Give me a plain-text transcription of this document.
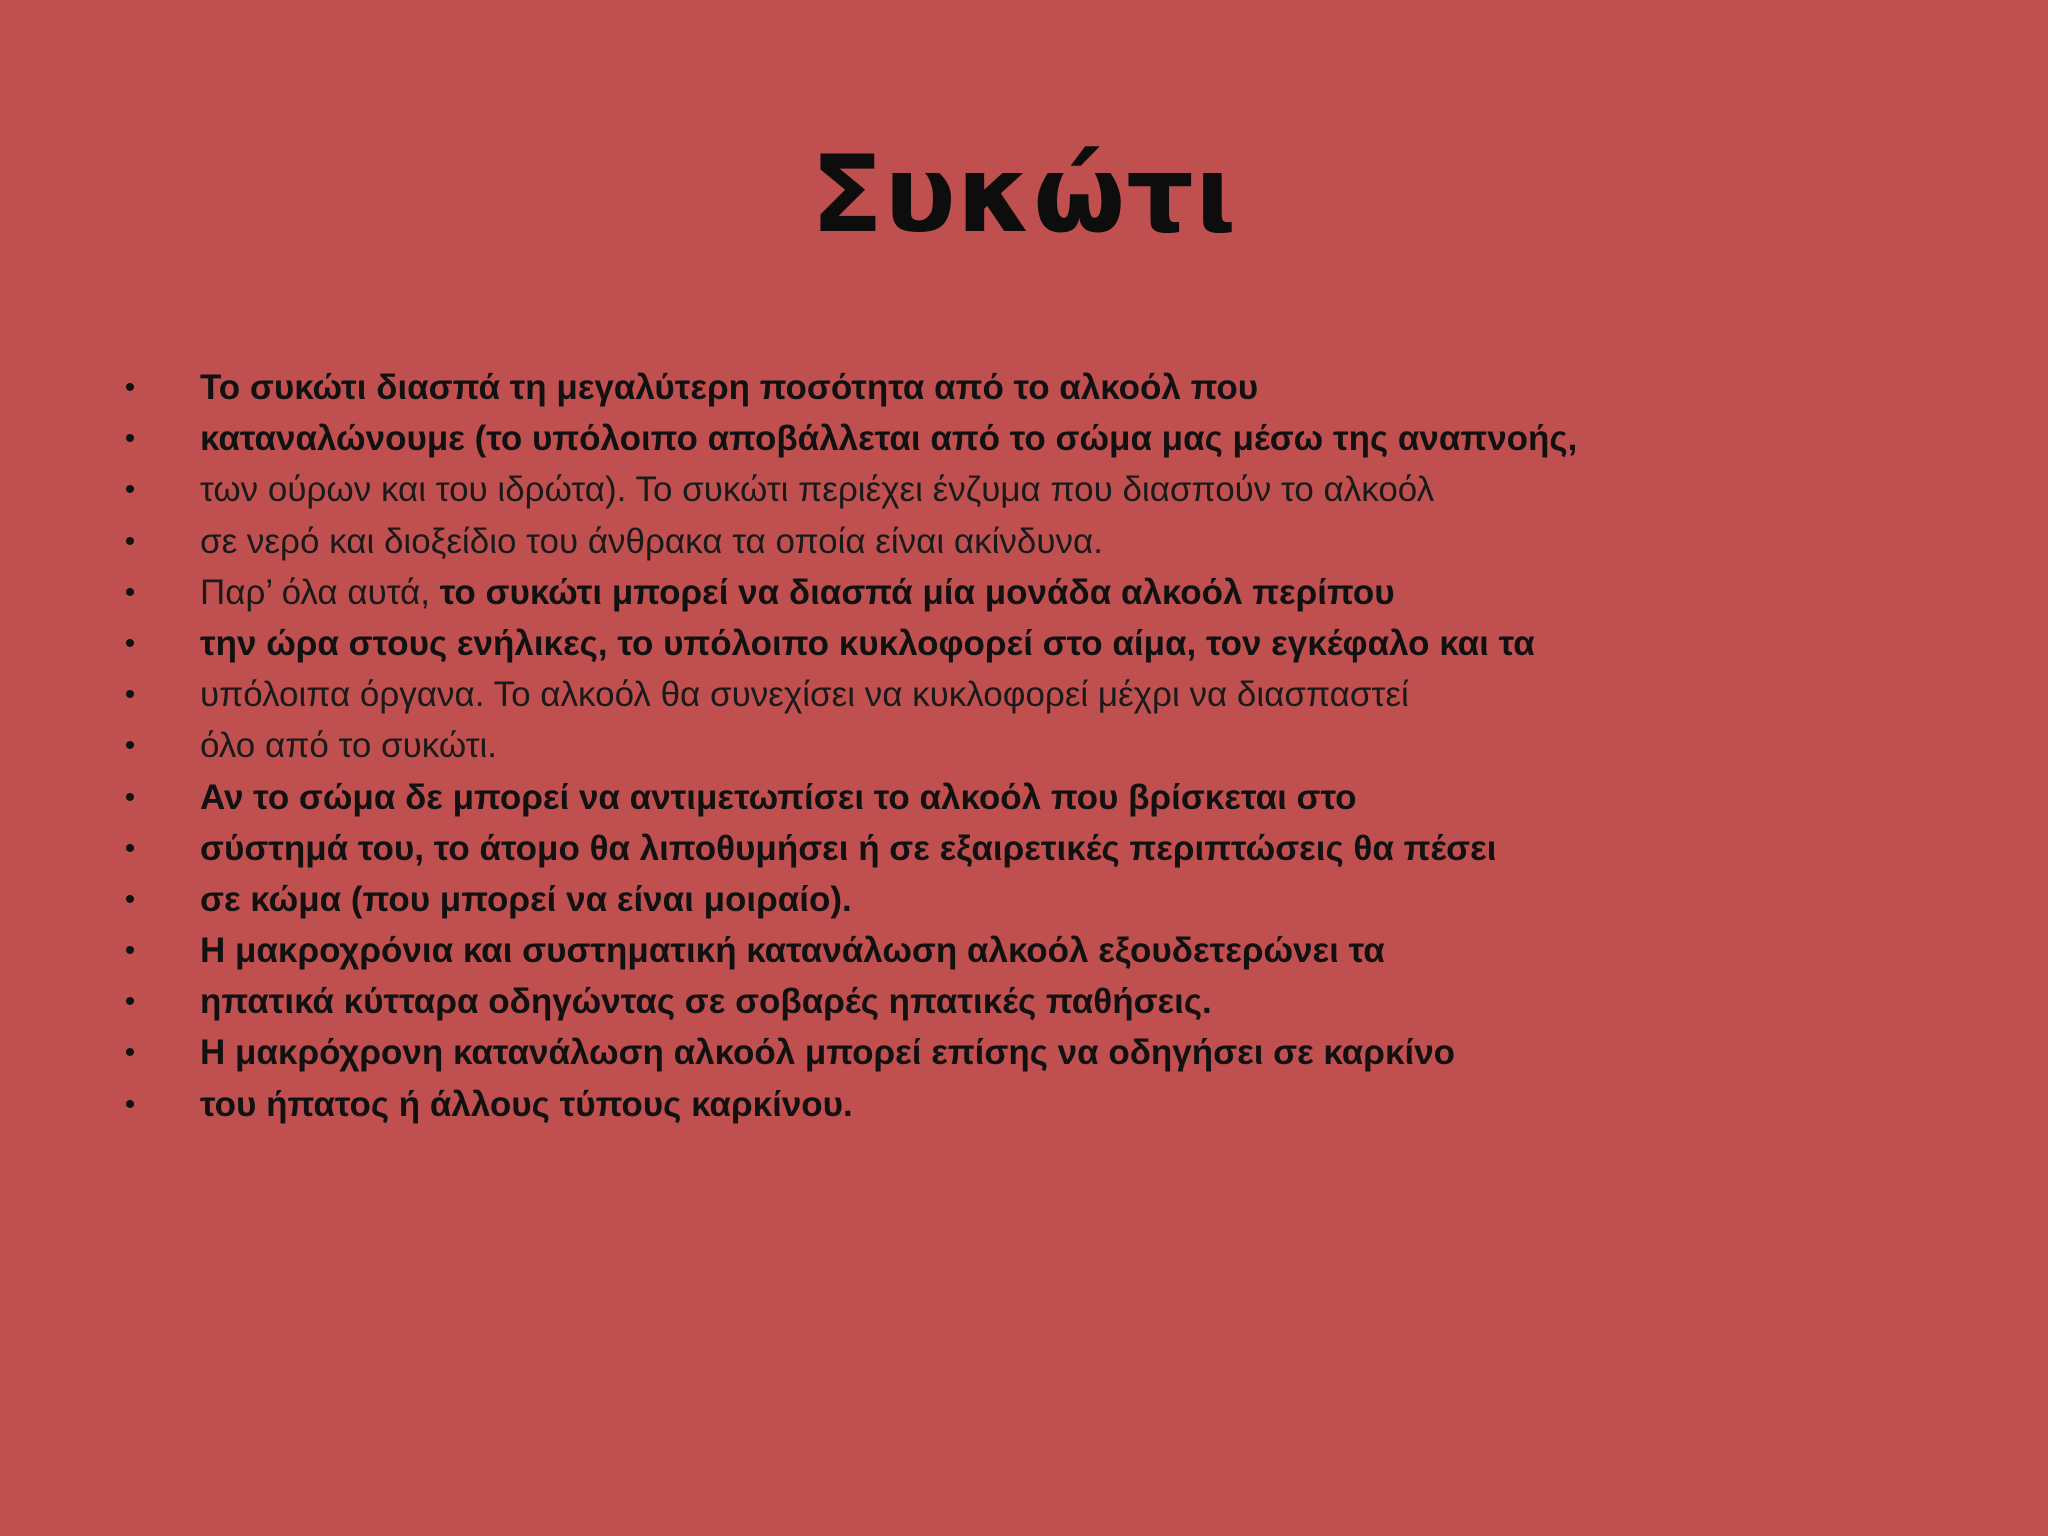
Συκώτι
• Το συκώτι διασπά τη μεγαλύτερη ποσότητα από το αλκοόλ που
• καταναλώνουμε (το υπόλοιπο αποβάλλεται από το σώμα μας μέσω της αναπνοής,
• των ούρων και του ιδρώτα). Το συκώτι περιέχει ένζυμα που διασπούν το αλκοόλ
• σε νερό και διοξείδιο του άνθρακα τα οποία είναι ακίνδυνα.
• Παρ’ όλα αυτά, το συκώτι μπορεί να διασπά μία μονάδα αλκοόλ περίπου
• την ώρα στους ενήλικες, το υπόλοιπο κυκλοφορεί στο αίμα, τον εγκέφαλο και τα
• υπόλοιπα όργανα. Το αλκοόλ θα συνεχίσει να κυκλοφορεί μέχρι να διασπαστεί
• όλο από το συκώτι.
• Αν το σώμα δε μπορεί να αντιμετωπίσει το αλκοόλ που βρίσκεται στο
• σύστημά του, το άτομο θα λιποθυμήσει ή σε εξαιρετικές περιπτώσεις θα πέσει
• σε κώμα (που μπορεί να είναι μοιραίο).
• Η μακροχρόνια και συστηματική κατανάλωση αλκοόλ εξουδετερώνει τα
• ηπατικά κύτταρα οδηγώντας σε σοβαρές ηπατικές παθήσεις.
• Η μακρόχρονη κατανάλωση αλκοόλ μπορεί επίσης να οδηγήσει σε καρκίνο
• του ήπατος ή άλλους τύπους καρκίνου.
